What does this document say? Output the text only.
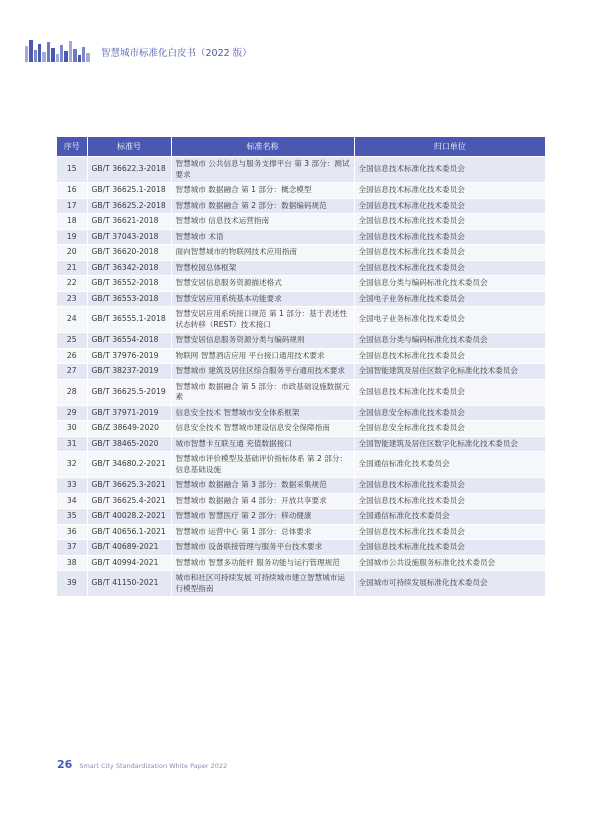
智慧城市标准化白皮书（2022 版）
序号	标准号	标准名称	归口单位
15	GB/T 36622.3-2018	智慧城市 公共信息与服务支撑平台 第 3 部分：测试要求	全国信息技术标准化技术委员会
16	GB/T 36625.1-2018	智慧城市 数据融合 第 1 部分：概念模型	全国信息技术标准化技术委员会
17	GB/T 36625.2-2018	智慧城市 数据融合 第 2 部分：数据编码规范	全国信息技术标准化技术委员会
18	GB/T 36621-2018	智慧城市 信息技术运营指南	全国信息技术标准化技术委员会
19	GB/T 37043-2018	智慧城市 术语	全国信息技术标准化技术委员会
20	GB/T 36620-2018	面向智慧城市的物联网技术应用指南	全国信息技术标准化技术委员会
21	GB/T 36342-2018	智慧校园总体框架	全国信息技术标准化技术委员会
22	GB/T 36552-2018	智慧安居信息服务资源描述格式	全国信息分类与编码标准化技术委员会
23	GB/T 36553-2018	智慧安居应用系统基本功能要求	全国电子业务标准化技术委员会
24	GB/T 36555.1-2018	智慧安居应用系统接口规范 第 1 部分：基于表述性状态转移（REST）技术接口	全国电子业务标准化技术委员会
25	GB/T 36554-2018	智慧安居信息服务资源分类与编码规则	全国信息分类与编码标准化技术委员会
26	GB/T 37976-2019	物联网 智慧酒店应用 平台接口通用技术要求	全国信息技术标准化技术委员会
27	GB/T 38237-2019	智慧城市 建筑及居住区综合服务平台通用技术要求	全国智能建筑及居住区数字化标准化技术委员会
28	GB/T 36625.5-2019	智慧城市 数据融合 第 5 部分：市政基础设施数据元素	全国信息技术标准化技术委员会
29	GB/T 37971-2019	信息安全技术 智慧城市安全体系框架	全国信息安全标准化技术委员会
30	GB/Z 38649-2020	信息安全技术 智慧城市建设信息安全保障指南	全国信息安全标准化技术委员会
31	GB/T 38465-2020	城市智慧卡互联互通 充值数据接口	全国智能建筑及居住区数字化标准化技术委员会
32	GB/T 34680.2-2021	智慧城市评价模型及基础评价指标体系 第 2 部分：信息基础设施	全国通信标准化技术委员会
33	GB/T 36625.3-2021	智慧城市 数据融合 第 3 部分：数据采集规范	全国信息技术标准化技术委员会
34	GB/T 36625.4-2021	智慧城市 数据融合 第 4 部分：开放共享要求	全国信息技术标准化技术委员会
35	GB/T 40028.2-2021	智慧城市 智慧医疗 第 2 部分：移动健康	全国通信标准化技术委员会
36	GB/T 40656.1-2021	智慧城市 运营中心 第 1 部分：总体要求	全国信息技术标准化技术委员会
37	GB/T 40689-2021	智慧城市 设备联接管理与服务平台技术要求	全国信息技术标准化技术委员会
38	GB/T 40994-2021	智慧城市 智慧多功能杆 服务功能与运行管理规范	全国城市公共设施服务标准化技术委员会
39	GB/T 41150-2021	城市和社区可持续发展 可持续城市建立智慧城市运行模型指南	全国城市可持续发展标准化技术委员会
26 Smart City Standardization White Paper 2022
